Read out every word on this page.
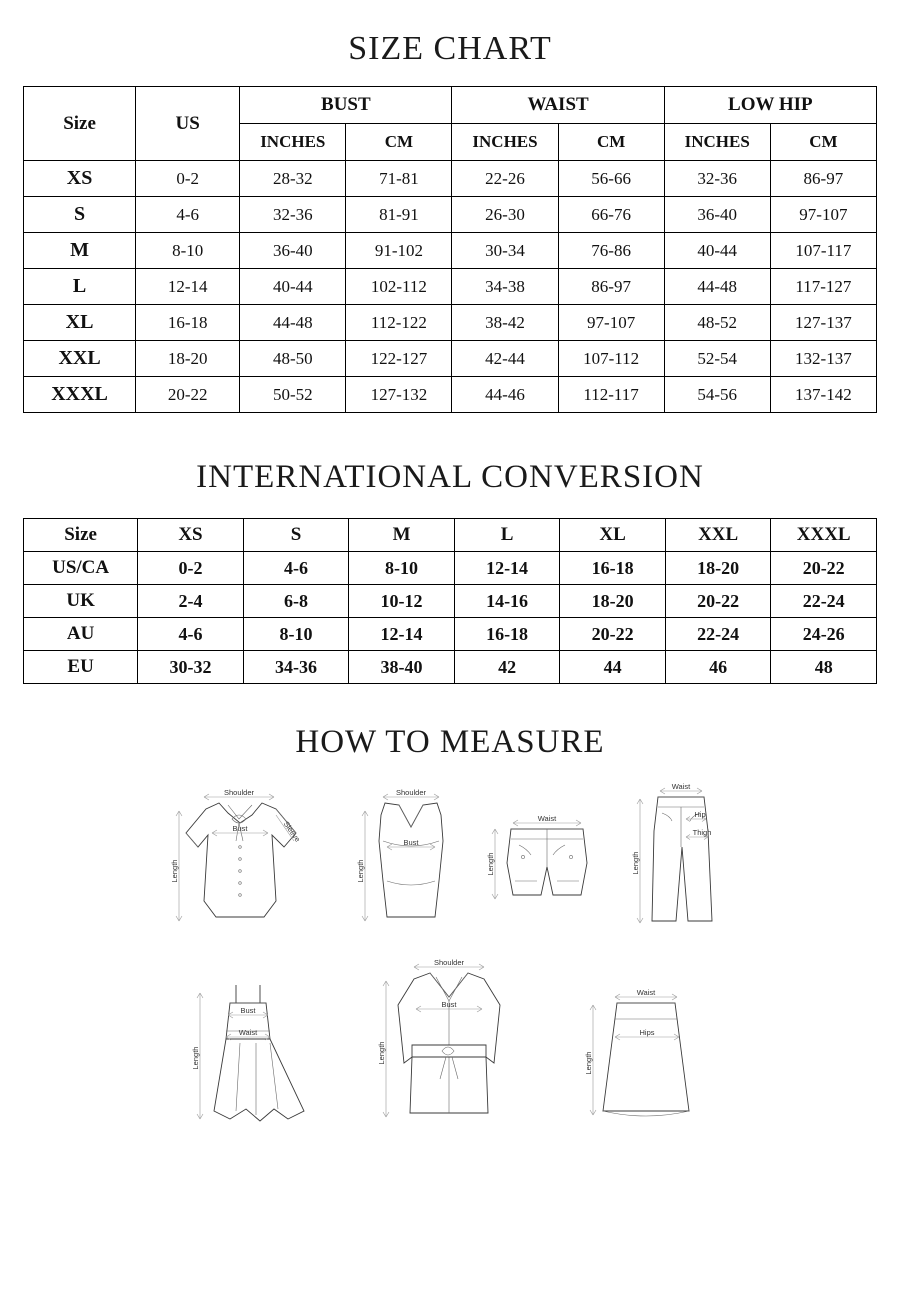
SIZE CHART
Size	US	BUST		WAIST		LOW HIP	
		INCHES	CM	INCHES	CM	INCHES	CM
XS	0-2	28-32	71-81	22-26	56-66	32-36	86-97
S	4-6	32-36	81-91	26-30	66-76	36-40	97-107
M	8-10	36-40	91-102	30-34	76-86	40-44	107-117
L	12-14	40-44	102-112	34-38	86-97	44-48	117-127
XL	16-18	44-48	112-122	38-42	97-107	48-52	127-137
XXL	18-20	48-50	122-127	42-44	107-112	52-54	132-137
XXXL	20-22	50-52	127-132	44-46	112-117	54-56	137-142
INTERNATIONAL CONVERSION
Size	XS	S	M	L	XL	XXL	XXXL
US/CA	0-2	4-6	8-10	12-14	16-18	18-20	20-22
UK	2-4	6-8	10-12	14-16	18-20	20-22	22-24
AU	4-6	8-10	12-14	16-18	20-22	22-24	24-26
EU	30-32	34-36	38-40	42	44	46	48
HOW TO MEASURE
Shoulder
Bust
Length
Sleeve
Shoulder
Bust
Length
Waist
Length
Waist
Hip
Thigh
Length
Bust
Waist
Length
Shoulder
Bust
Length
Waist
Hips
Length
